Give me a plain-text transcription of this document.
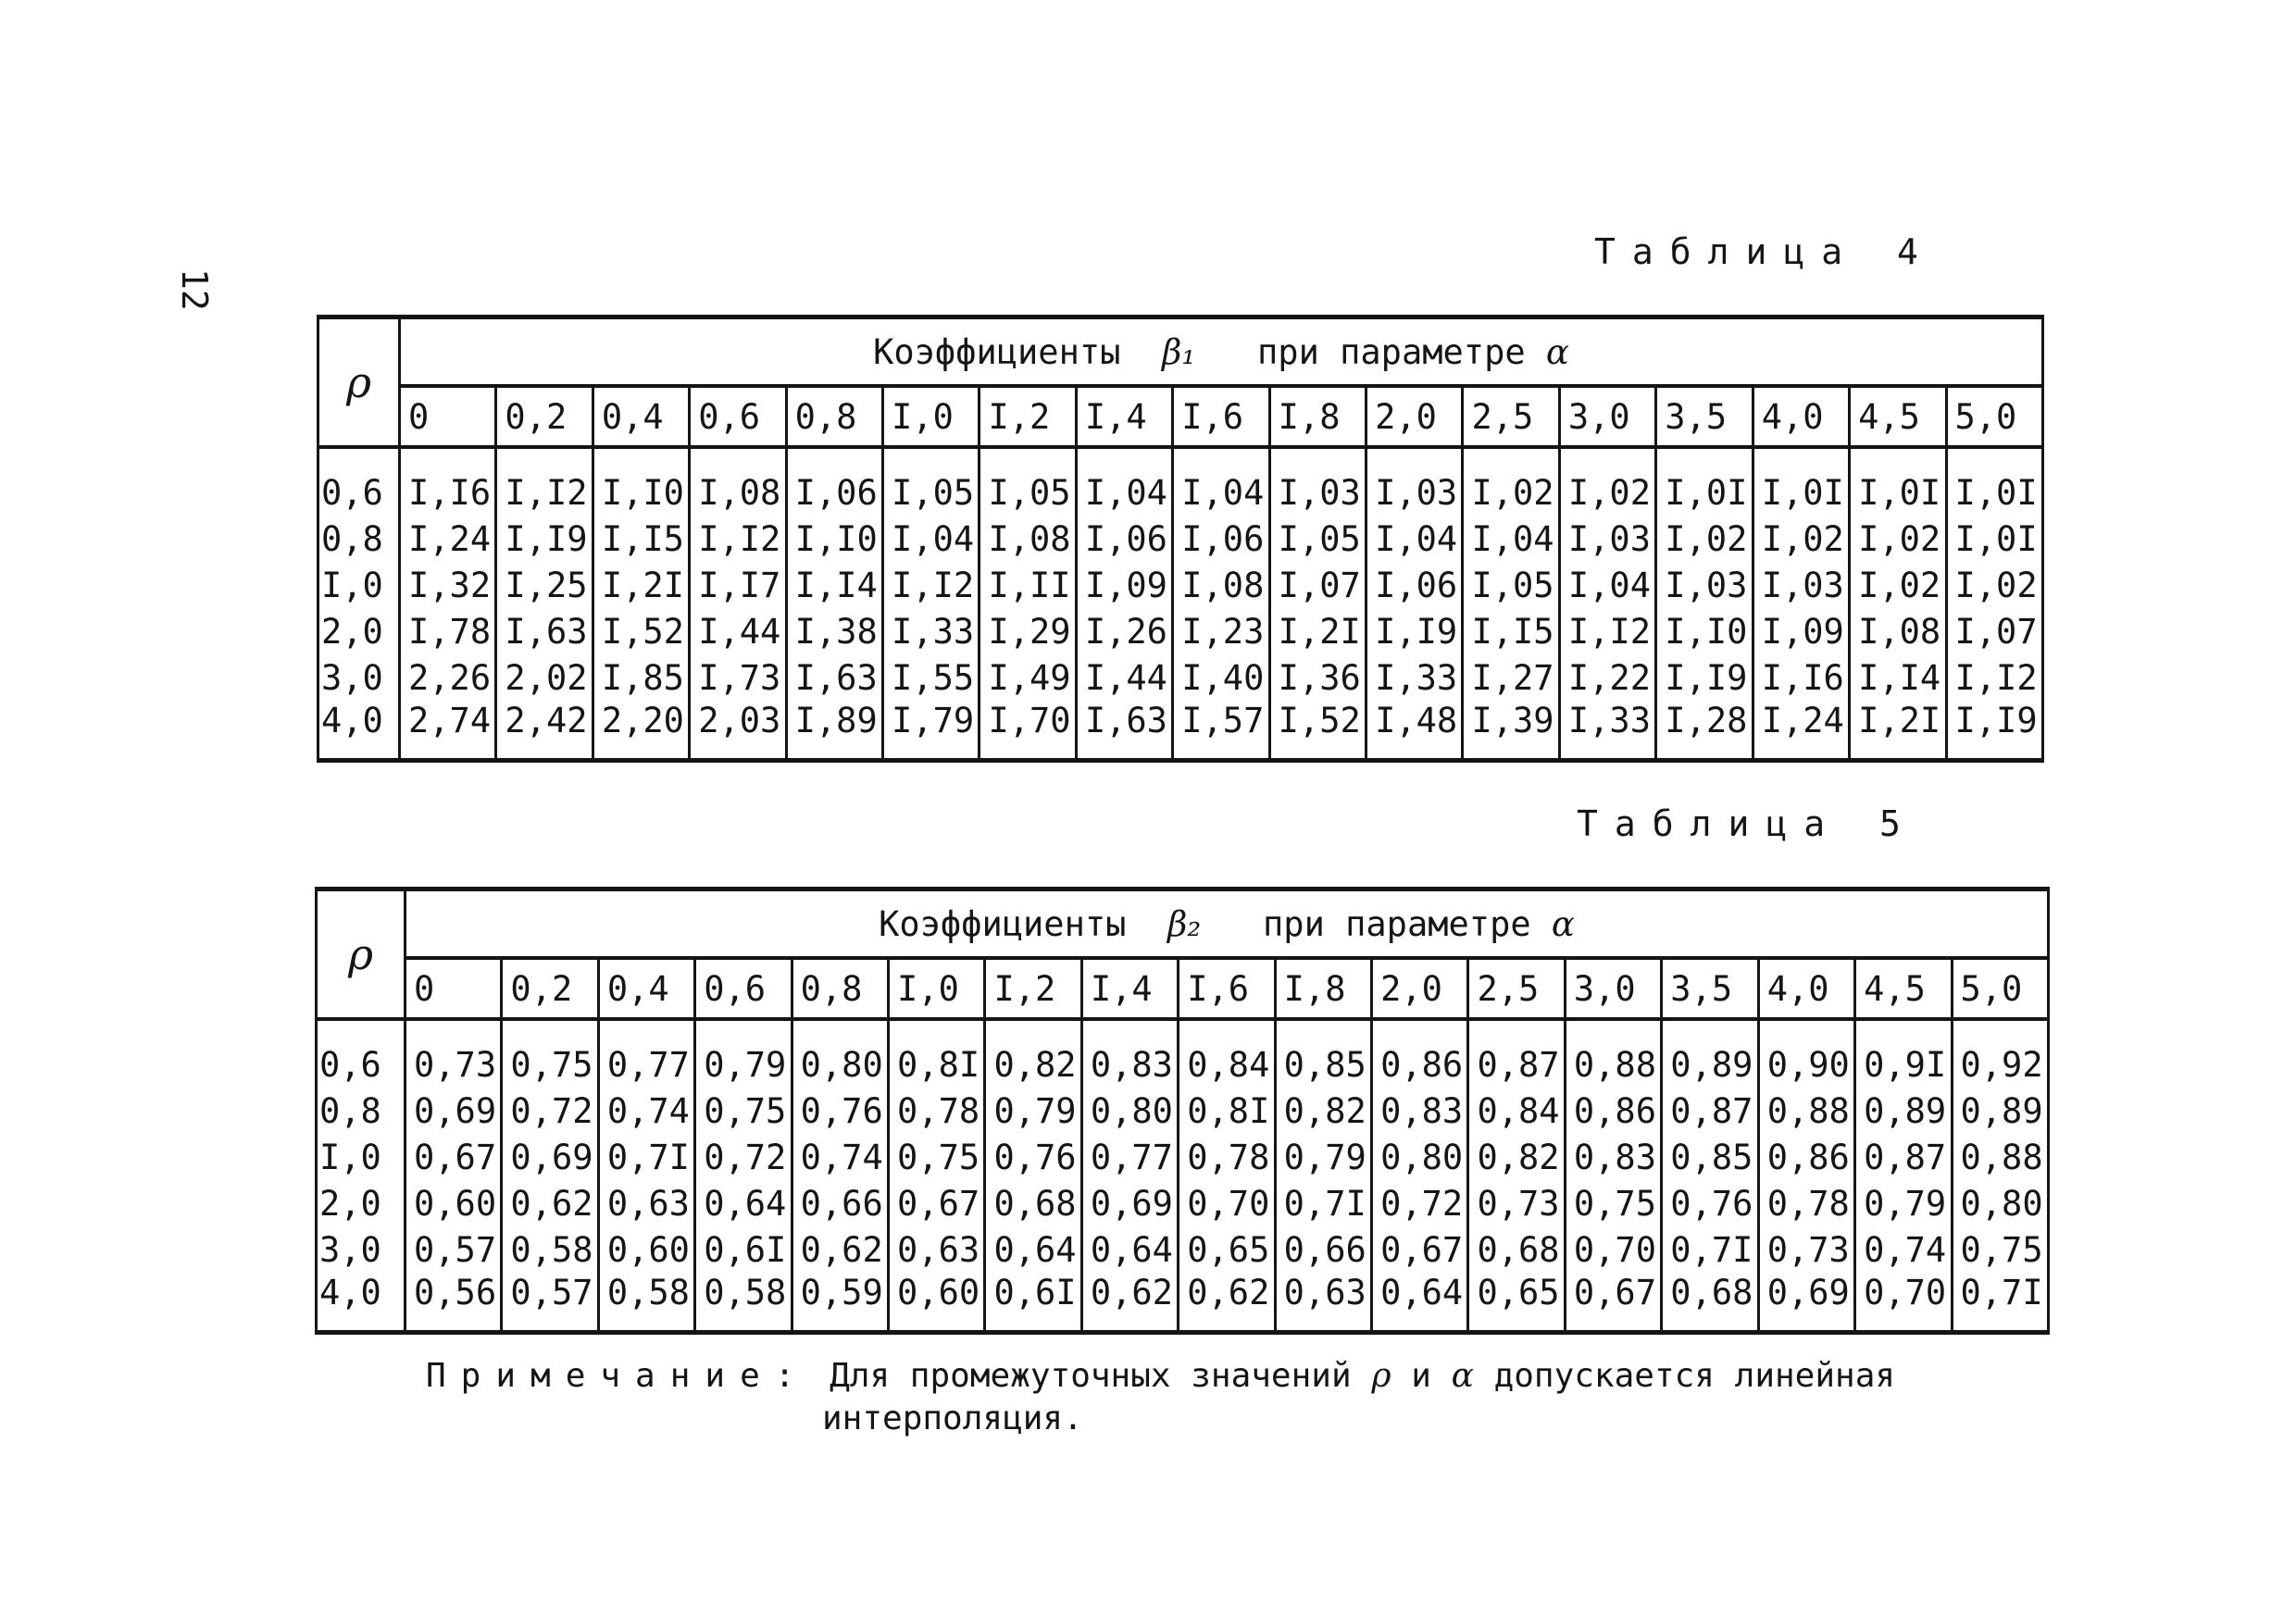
12
Таблица 4
ρ	Коэффициенты β₁ при параметре α																
	0	0,2	0,4	0,6	0,8	I,0	I,2	I,4	I,6	I,8	2,0	2,5	3,0	3,5	4,0	4,5	5,0

0,6	I,I6	I,I2	I,I0	I,08	I,06	I,05	I,05	I,04	I,04	I,03	I,03	I,02	I,02	I,0I	I,0I	I,0I	I,0I
0,8	I,24	I,I9	I,I5	I,I2	I,I0	I,04	I,08	I,06	I,06	I,05	I,04	I,04	I,03	I,02	I,02	I,02	I,0I
I,0	I,32	I,25	I,2I	I,I7	I,I4	I,I2	I,II	I,09	I,08	I,07	I,06	I,05	I,04	I,03	I,03	I,02	I,02
2,0	I,78	I,63	I,52	I,44	I,38	I,33	I,29	I,26	I,23	I,2I	I,I9	I,I5	I,I2	I,I0	I,09	I,08	I,07
3,0	2,26	2,02	I,85	I,73	I,63	I,55	I,49	I,44	I,40	I,36	I,33	I,27	I,22	I,I9	I,I6	I,I4	I,I2
4,0	2,74	2,42	2,20	2,03	I,89	I,79	I,70	I,63	I,57	I,52	I,48	I,39	I,33	I,28	I,24	I,2I	I,I9
Таблица 5
ρ	Коэффициенты β₂ при параметре α																
	0	0,2	0,4	0,6	0,8	I,0	I,2	I,4	I,6	I,8	2,0	2,5	3,0	3,5	4,0	4,5	5,0

0,6	0,73	0,75	0,77	0,79	0,80	0,8I	0,82	0,83	0,84	0,85	0,86	0,87	0,88	0,89	0,90	0,9I	0,92
0,8	0,69	0,72	0,74	0,75	0,76	0,78	0,79	0,80	0,8I	0,82	0,83	0,84	0,86	0,87	0,88	0,89	0,89
I,0	0,67	0,69	0,7I	0,72	0,74	0,75	0,76	0,77	0,78	0,79	0,80	0,82	0,83	0,85	0,86	0,87	0,88
2,0	0,60	0,62	0,63	0,64	0,66	0,67	0,68	0,69	0,70	0,7I	0,72	0,73	0,75	0,76	0,78	0,79	0,80
3,0	0,57	0,58	0,60	0,6I	0,62	0,63	0,64	0,64	0,65	0,66	0,67	0,68	0,70	0,7I	0,73	0,74	0,75
4,0	0,56	0,57	0,58	0,58	0,59	0,60	0,6I	0,62	0,62	0,63	0,64	0,65	0,67	0,68	0,69	0,70	0,7I
Примечание: Для промежуточных значений ρ и α допускается линейная
интерполяция.
